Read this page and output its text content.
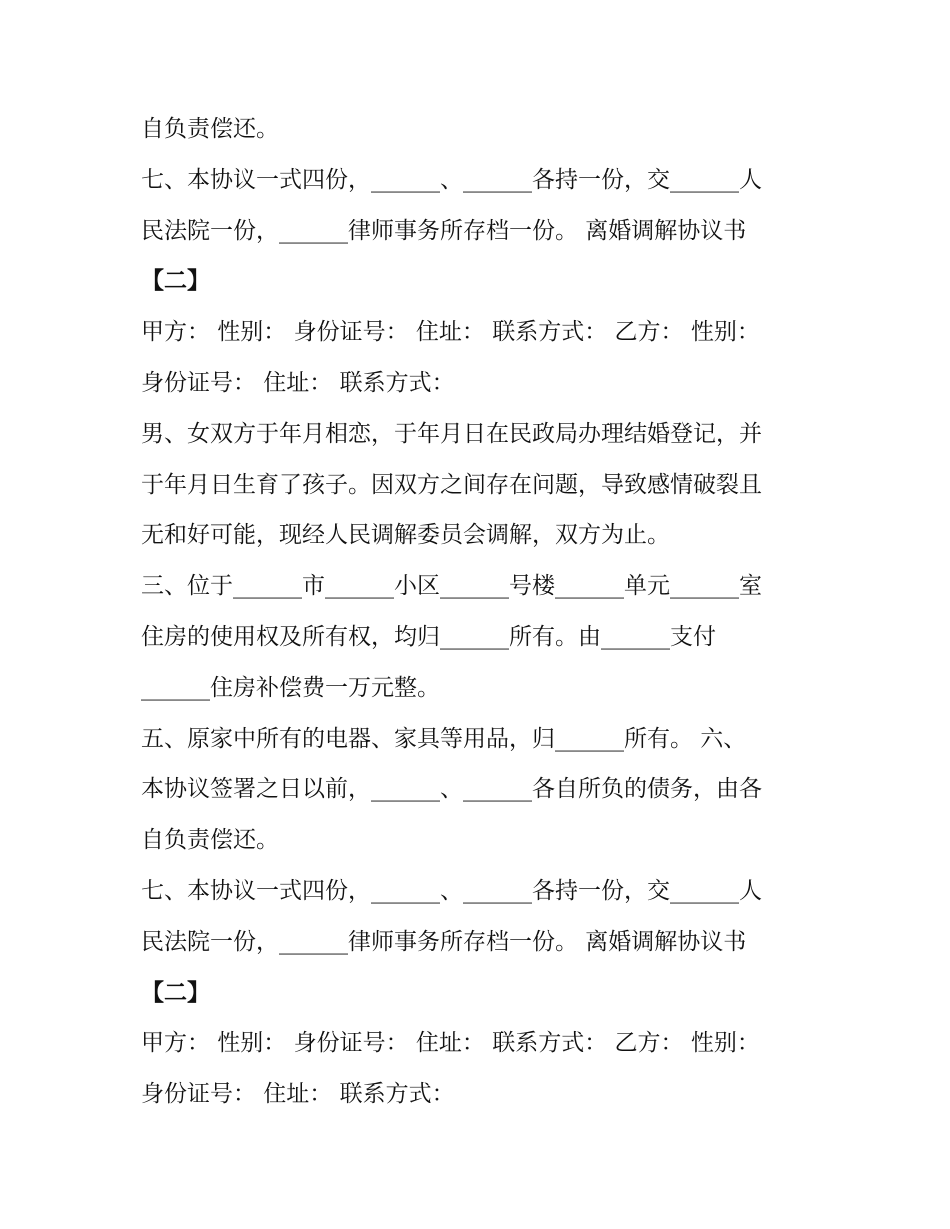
自负责偿还。
七、本协议一式四份，______、______各持一份，交______人
民法院一份，______律师事务所存档一份。 离婚调解协议书
【二】
甲方： 性别： 身份证号： 住址： 联系方式： 乙方： 性别：
身份证号： 住址： 联系方式：
男、女双方于年月相恋，于年月日在民政局办理结婚登记，并
于年月日生育了孩子。因双方之间存在问题，导致感情破裂且
无和好可能，现经人民调解委员会调解，双方为止。
三、位于______市______小区______号楼______单元______室
住房的使用权及所有权，均归______所有。由______支付
______住房补偿费一万元整。
五、原家中所有的电器、家具等用品，归______所有。 六、
本协议签署之日以前，______、______各自所负的债务，由各
自负责偿还。
七、本协议一式四份，______、______各持一份，交______人
民法院一份，______律师事务所存档一份。 离婚调解协议书
【二】
甲方： 性别： 身份证号： 住址： 联系方式： 乙方： 性别：
身份证号： 住址： 联系方式：
